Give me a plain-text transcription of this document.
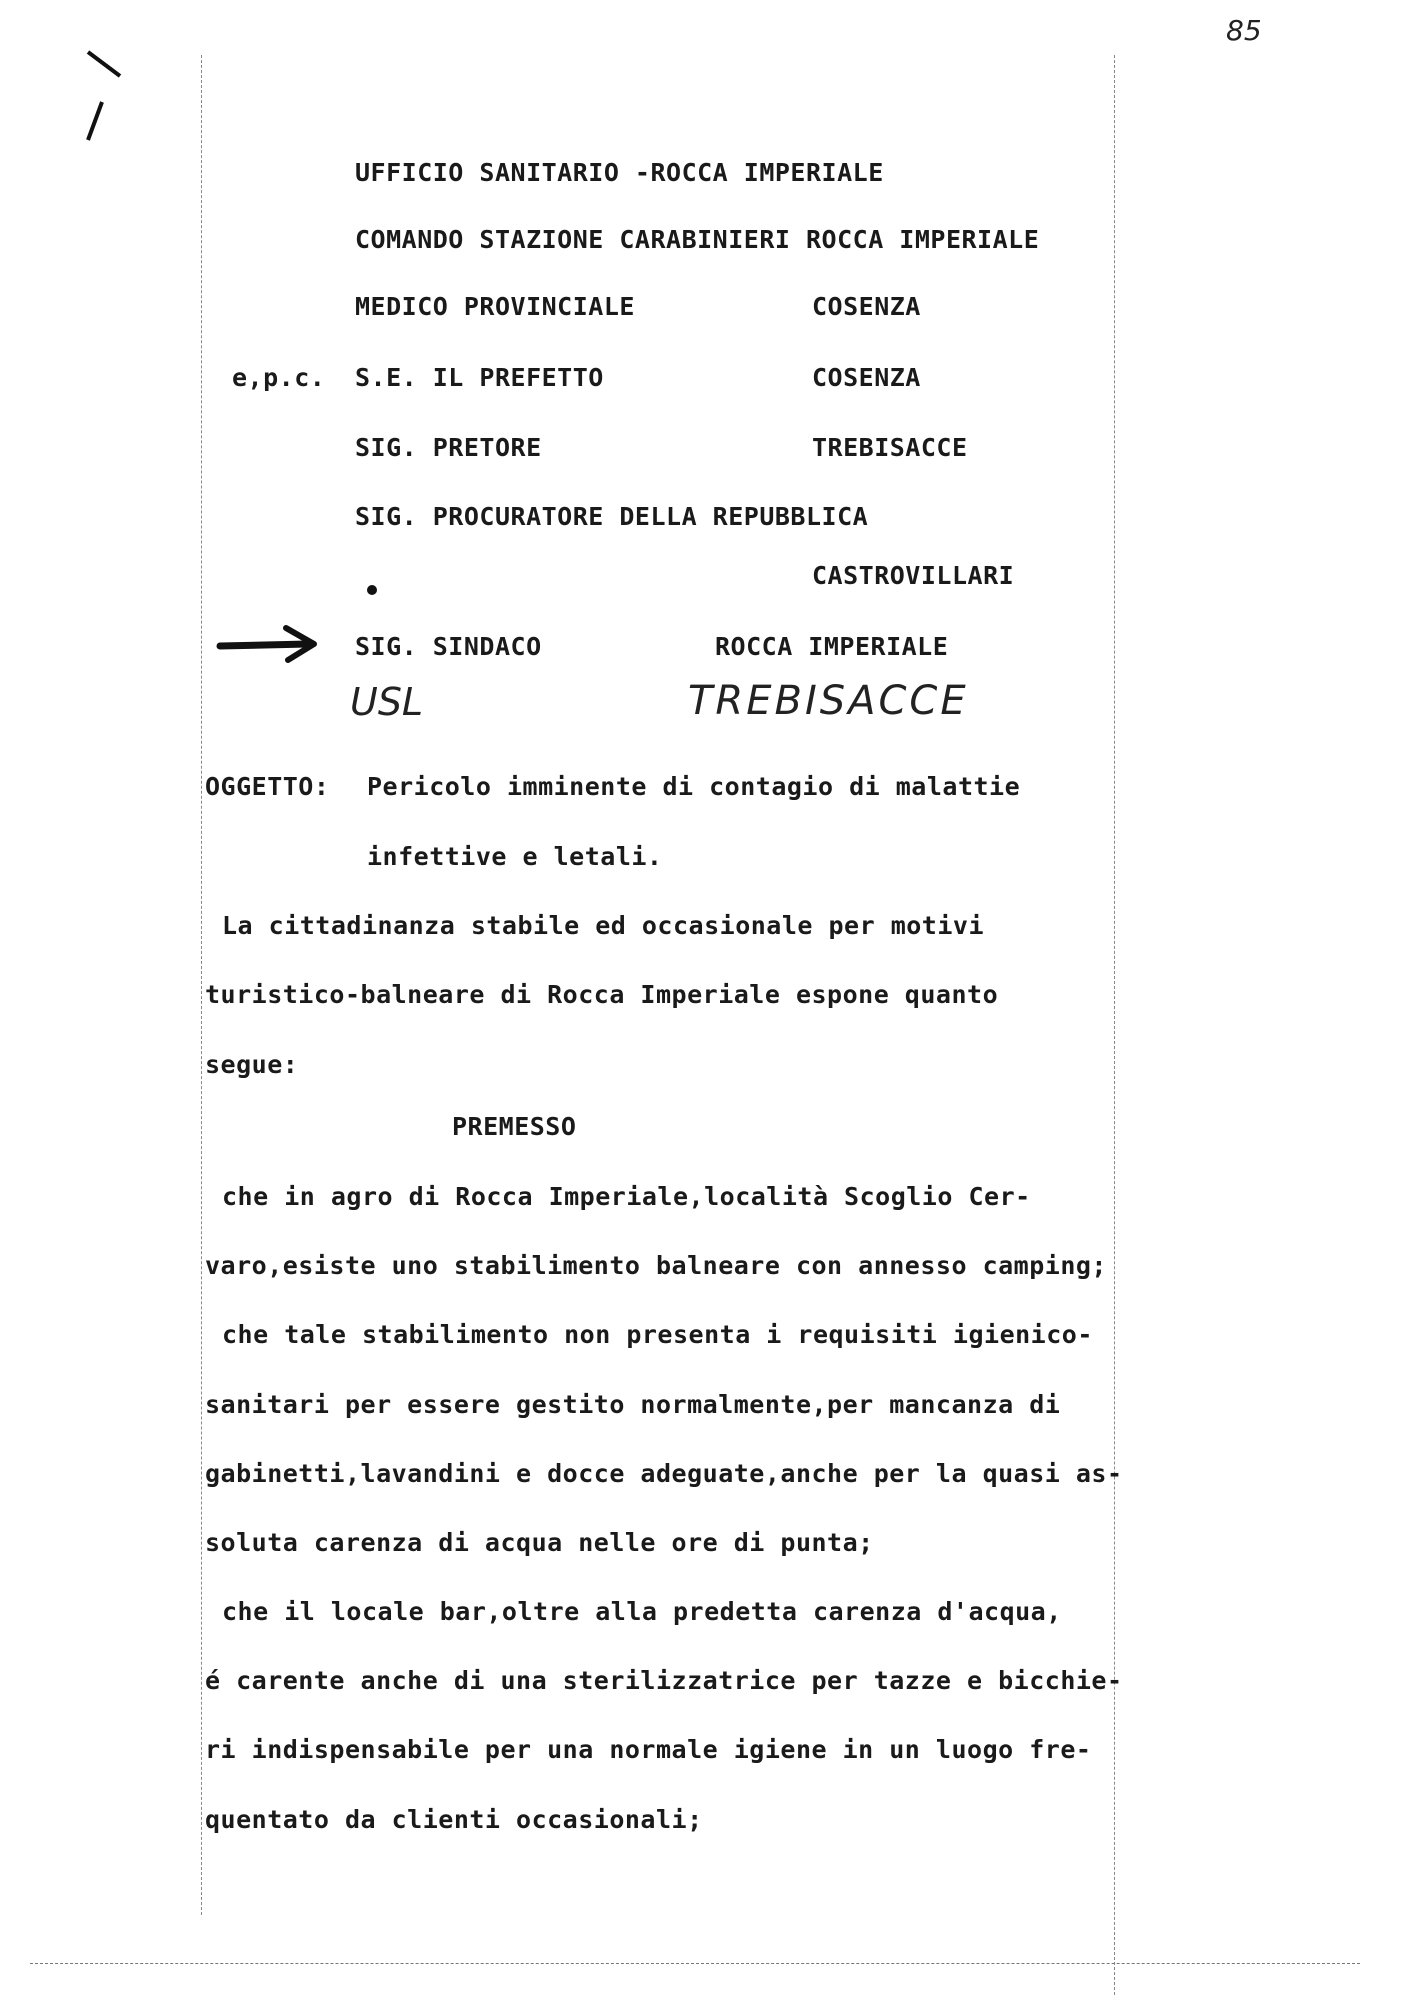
85
UFFICIO SANITARIO -ROCCA IMPERIALE
COMANDO STAZIONE CARABINIERI ROCCA IMPERIALE
MEDICO PROVINCIALE	COSENZA
e,p.c. S.E. IL PREFETTO	COSENZA
SIG. PRETORE	TREBISACCE
SIG. PROCURATORE DELLA REPUBBLICA
CASTROVILLARI
SIG. SINDACO	ROCCA IMPERIALE
USL	TREBISACCE
OGGETTO: Pericolo imminente di contagio di malattie
infettive e letali.
La cittadinanza stabile ed occasionale per motivi
turistico-balneare di Rocca Imperiale espone quanto
segue:
PREMESSO
che in agro di Rocca Imperiale,località Scoglio Cer-
varo,esiste uno stabilimento balneare con annesso camping;
che tale stabilimento non presenta i requisiti igienico-
sanitari per essere gestito normalmente,per mancanza di
gabinetti,lavandini e docce adeguate,anche per la quasi as-
soluta carenza di acqua nelle ore di punta;
che il locale bar,oltre alla predetta carenza d'acqua,
é carente anche di una sterilizzatrice per tazze e bicchie-
ri indispensabile per una normale igiene in un luogo fre-
quentato da clienti occasionali;
